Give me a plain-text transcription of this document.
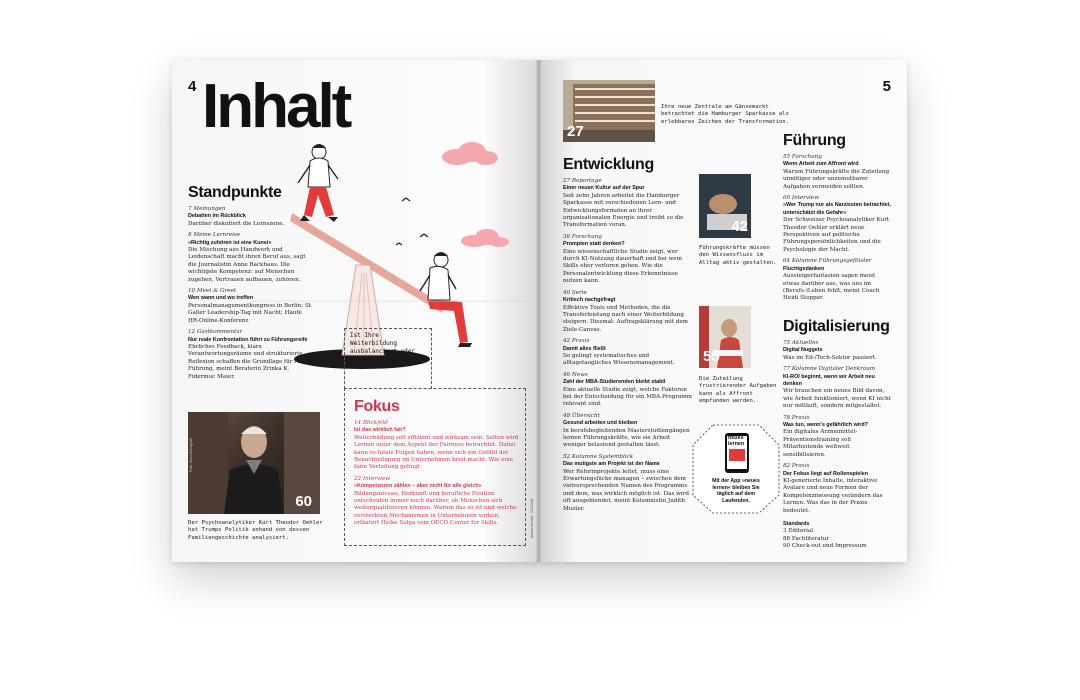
4 Inhalt
Standpunkte
7 Meinungen
Debatten im Rückblick
Darüber diskutiert die Lernszene.
8 Meine Lernreise
»Richtig zuhören ist eine Kunst«
Die Mischung aus Handwerk und Leidenschaft macht ihren Beruf aus, sagt die Journalistin Anne Backhaus. Die wichtigste Kompetenz: auf Menschen zugehen, Vertrauen aufbauen, zuhören.
10 Meet & Greet
Wen wann und wo treffen
Personalmanagementkongress in Berlin; St. Galler Leadership-Tag mit Nacht; Haufe HR-Online-Konferenz
12 Gastkommentar
Nur reale Konfrontation führt zu Führungsreife
Ehrliches Feedback, klare Verantwortungsräume und strukturierte Reflexion schaffen die Grundlage für reife Führung, meint Beraterin Zrinka K. Fidermuc Maier.
60
Foto: Sven Döring/laif
Der Psychoanalytiker Kurt Theodor Oehler hat Trumps Politik anhand von dessen Familiengeschichte analysiert.
Ist Ihre Weiterbildung ausbalanciert oder unfair verteilt?
Fokus
14 Blickfeld
Ist das wirklich fair?
Weiterbildung soll effizient und wirksam sein. Selten wird Lernen unter dem Aspekt der Fairness betrachtet. Dabei kann es fatale Folgen haben, wenn sich ein Gefühl der Benachteiligung im Unternehmen breit macht. Wie eine faire Verteilung gelingt.
22 Interview
»Kompetenzen zählen – aber nicht für alle gleich«
Bildungsniveau, Herkunft und berufliche Position entscheiden immer noch darüber, ob Menschen sich weiterqualifizieren können. Warum das so ist und welche versteckten Mechanismen in Unternehmen wirken, erläutert Heike Solga vom OECD Center for Skills.	neues lernen · 02/2026
5
27
Ihre neue Zentrale am Gänsemarkt betrachtet die Hamburger Sparkasse als erlebbares Zeichen der Transformation.
Entwicklung
27 Reportage
Einer neuen Kultur auf der Spur
Seit zehn Jahren arbeitet die Hamburger Sparkasse mit verschiedenen Lern- und Entwicklungsformaten an ihrer organisationalen Energie und treibt so die Transformation voran.
36 Forschung
Prompten statt denken?
Eine wissenschaftliche Studie zeigt, wer durch KI-Nutzung dauerhaft und bei wem Skills eher verloren gehen. Wie die Personalentwicklung diese Erkenntnisse nutzen kann.
40 Serie
Kritisch nachgefragt
Effektive Tools und Methoden, die die Transferleistung nach einer Weiterbildung steigern. Diesmal: Auftragsklärung mit dem Ziele-Canvas.
42 Praxis
Damit alles fließt
So gelingt systematisches und alltagstaugliches Wissensmanagement.
46 News
Zahl der MBA-Studierenden bleibt stabil
Eine aktuelle Studie zeigt, welche Faktoren bei der Entscheidung für ein MBA-Programm relevant sind.
48 Übersicht
Gesund arbeiten und bleiben
In berufsbegleitenden Masterstudiengängen lernen Führungskräfte, wie sie Arbeit weniger belastend gestalten lässt.
52 Kolumne Systemblick
Das mutigste am Projekt ist der Name
Wer Reformprojekte leitet, muss eine Erwartungslücke managen – zwischen dem vielversprechenden Namen des Programms und dem, was wirklich möglich ist. Das wird oft ausgeblendet, meint Kolumnistin Judith Muster.
42
Führungskräfte müssen den Wissensfluss im Alltag aktiv gestalten.
55
Die Zuteilung frustrierender Aufgaben kann als Affront empfunden werden.
neues
lernen
Mit der App »neues lernen« bleiben Sie täglich auf dem Laufenden.
Führung
55 Forschung
Wenn Arbeit zum Affront wird
Warum Führungskräfte die Zuteilung unnötiger oder unzumutbarer Aufgaben vermeiden sollten.
60 Interview
»Wer Trump nur als Narzissten betrachtet, unterschätzt die Gefahr«
Der Schweizer Psychoanalytiker Kurt Theodor Oehler erklärt neue Perspektiven auf politische Führungspersönlichkeiten und die Psychologie der Macht.
64 Kolumne Führungsgeflüster
Fluchtgedanken
Aussteigerfantasien sagen meist etwas darüber aus, was uns im (Berufs-)Leben fehlt, meint Coach Heidi Stopper.
Digitalisierung
75 Aktuelles
Digital Nuggets
Was im Ed-/Tech-Sektor passiert.
77 Kolumne Digitaler Denkraum
KI-ROI beginnt, wenn wir Arbeit neu denken
Wir brauchen ein neues Bild davon, wie Arbeit funktioniert, wenn KI nicht nur mitläuft, sondern mitgestaltet.
78 Praxis
Was tun, wenn's gefährlich wird?
Ein digitales Arzneimittel-Präventionstraining soll Mitarbeitende weltweit sensibilisieren.
82 Praxis
Der Fokus liegt auf Rollenspielen
KI-generierte Inhalte, interaktive Avatare und neue Formen der Kompetenzmessung verändern das Lernen. Was das in der Praxis bedeutet.
Standards
3 Editorial
88 Fachliteratur
90 Check-out und Impressum
